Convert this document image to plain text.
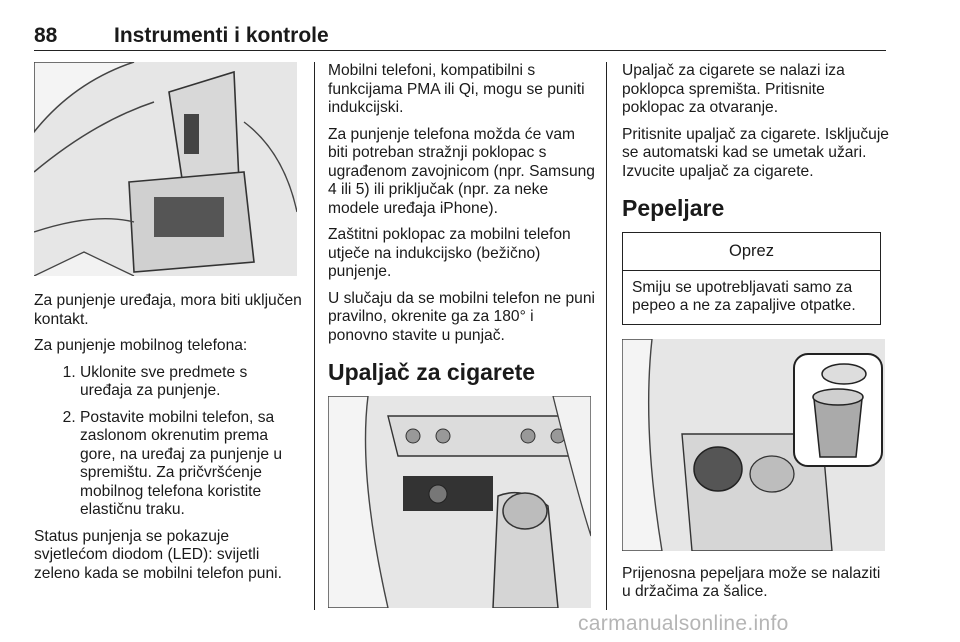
88	Instrumenti i kontrole

Za punjenje uređaja, mora biti uključen kontakt.

Za punjenje mobilnog telefona:

1. Uklonite sve predmete s uređaja za punjenje.
2. Postavite mobilni telefon, sa zaslonom okrenutim prema gore, na uređaj za punjenje u spremištu. Za pričvršćenje mobilnog telefona koristite elastičnu traku.

Status punjenja se pokazuje svjetlećom diodom (LED): svijetli zeleno kada se mobilni telefon puni.

Mobilni telefoni, kompatibilni s funkcijama PMA ili Qi, mogu se puniti indukcijski.

Za punjenje telefona možda će vam biti potreban stražnji poklopac s ugrađenom zavojnicom (npr. Samsung 4 ili 5) ili priključak (npr. za neke modele uređaja iPhone).

Zaštitni poklopac za mobilni telefon utječe na indukcijsko (bežično) punjenje.

U slučaju da se mobilni telefon ne puni pravilno, okrenite ga za 180° i ponovno stavite u punjač.

Upaljač za cigarete

Upaljač za cigarete se nalazi iza poklopca spremišta. Pritisnite poklopac za otvaranje.

Pritisnite upaljač za cigarete. Isključuje se automatski kad se umetak užari. Izvucite upaljač za cigarete.

Pepeljare
Oprez
Smiju se upotrebljavati samo za pepeo a ne za zapaljive otpatke.

Prijenosna pepeljara može se nalaziti u držačima za šalice.

carmanualsonline.info
